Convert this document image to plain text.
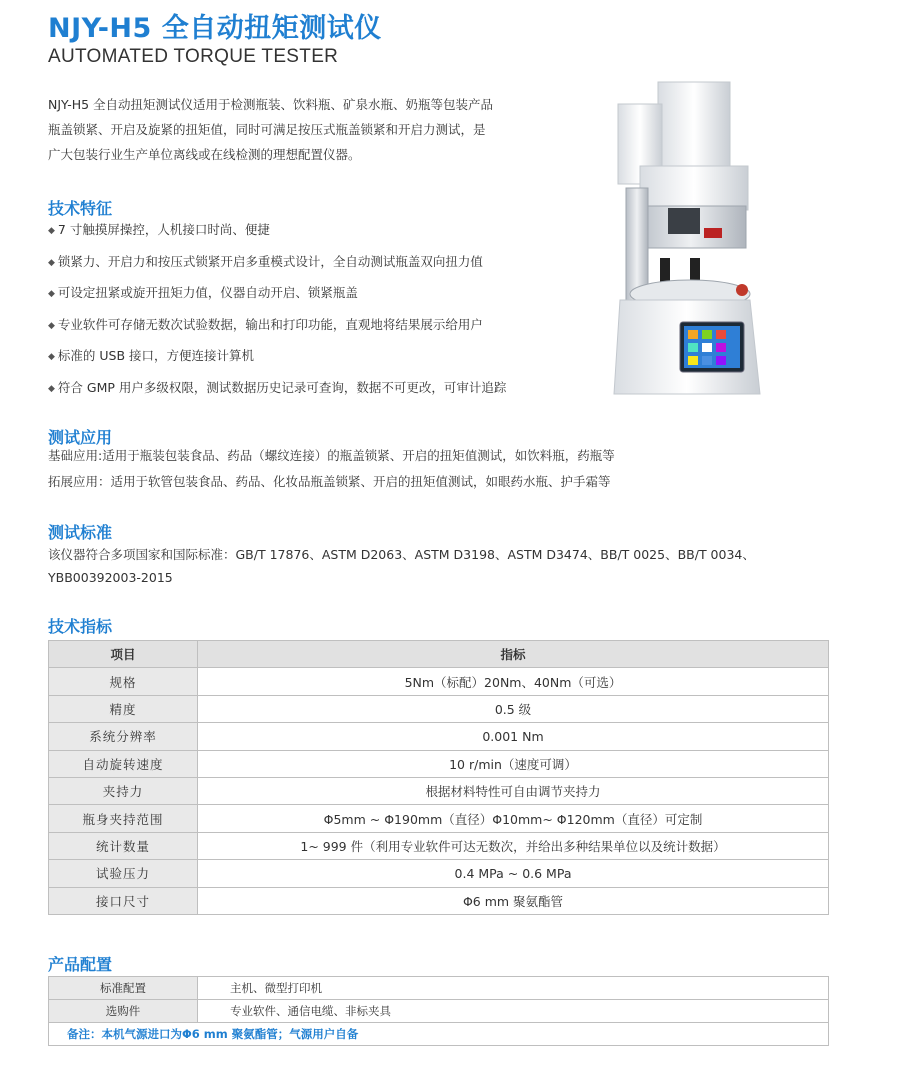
NJY-H5 全自动扭矩测试仪
AUTOMATED TORQUE TESTER
NJY-H5 全自动扭矩测试仪适用于检测瓶装、饮料瓶、矿泉水瓶、奶瓶等包装产品
瓶盖锁紧、开启及旋紧的扭矩值，同时可满足按压式瓶盖锁紧和开启力测试，是
广大包装行业生产单位离线或在线检测的理想配置仪器。
技术特征
◆ 7 寸触摸屏操控，人机接口时尚、便捷
◆ 锁紧力、开启力和按压式锁紧开启多重模式设计，全自动测试瓶盖双向扭力值
◆ 可设定扭紧或旋开扭矩力值，仪器自动开启、锁紧瓶盖
◆ 专业软件可存储无数次试验数据，输出和打印功能，直观地将结果展示给用户
◆ 标准的 USB 接口，方便连接计算机
◆ 符合 GMP 用户多级权限，测试数据历史记录可查询，数据不可更改，可审计追踪
测试应用
基础应用:适用于瓶装包装食品、药品（螺纹连接）的瓶盖锁紧、开启的扭矩值测试，如饮料瓶，药瓶等
拓展应用：适用于软管包装食品、药品、化妆品瓶盖锁紧、开启的扭矩值测试，如眼药水瓶、护手霜等
测试标准
该仪器符合多项国家和国际标准：GB/T 17876、ASTM D2063、ASTM D3198、ASTM D3474、BB/T 0025、BB/T 0034、
YBB00392003-2015
技术指标
项目	指标
规格	5Nm（标配）20Nm、40Nm（可选）
精度	0.5 级
系统分辨率	0.001 Nm
自动旋转速度	10 r/min（速度可调）
夹持力	根据材料特性可自由调节夹持力
瓶身夹持范围	Φ5mm ~ Φ190mm（直径）Φ10mm~ Φ120mm（直径）可定制
统计数量	1~ 999 件（利用专业软件可达无数次，并给出多种结果单位以及统计数据）
试验压力	0.4 MPa ~ 0.6 MPa
接口尺寸	Φ6 mm 聚氨酯管
产品配置
标准配置	主机、微型打印机
选购件	专业软件、通信电缆、非标夹具
备注：本机气源进口为Φ6 mm 聚氨酯管；气源用户自备	
